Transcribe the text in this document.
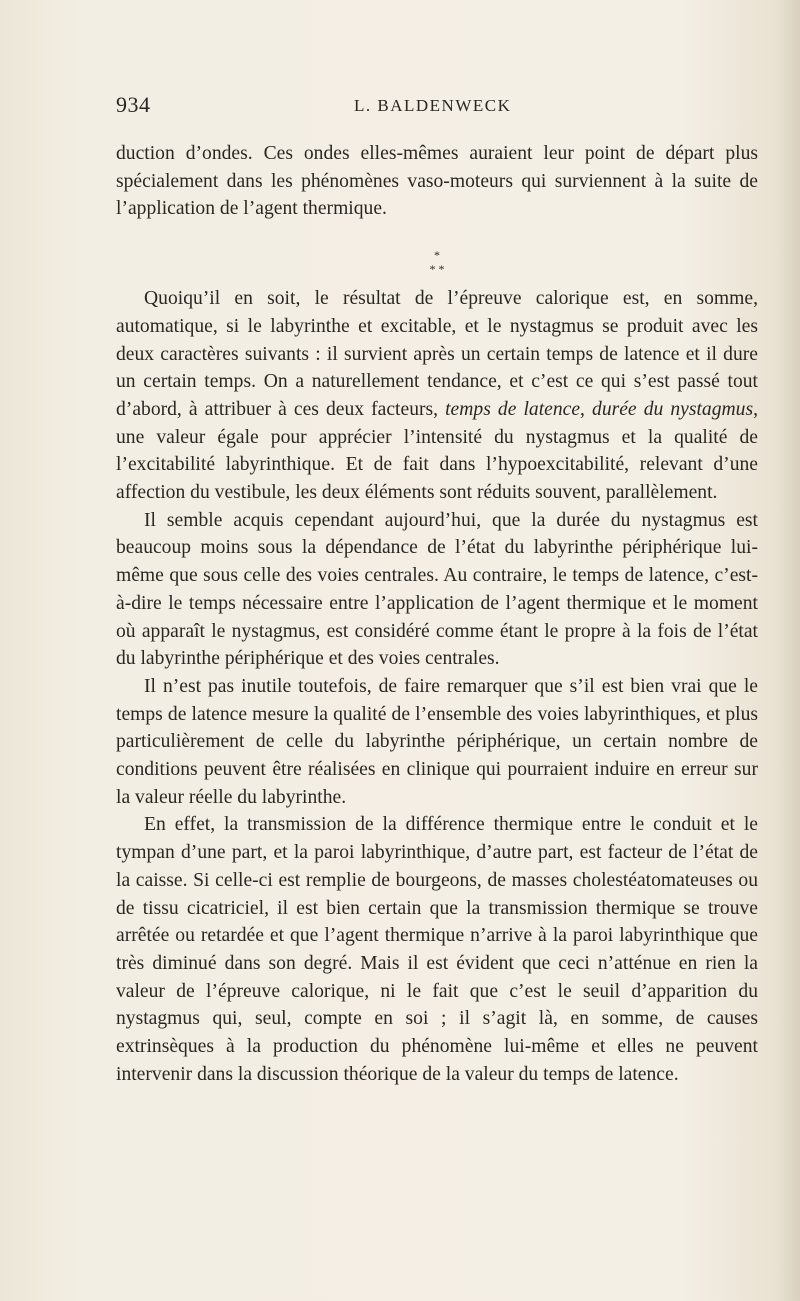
934	L. BALDENWECK

duction d’ondes. Ces ondes elles-mêmes auraient leur point de départ plus spécialement dans les phénomènes vaso-moteurs qui surviennent à la suite de l’application de l’agent thermique.

*
* *

Quoiqu’il en soit, le résultat de l’épreuve calorique est, en somme, automatique, si le labyrinthe et excitable, et le nystagmus se produit avec les deux caractères suivants : il survient après un certain temps de latence et il dure un certain temps. On a naturellement tendance, et c’est ce qui s’est passé tout d’abord, à attribuer à ces deux facteurs, temps de latence, durée du nystagmus, une valeur égale pour apprécier l’intensité du nystagmus et la qualité de l’excitabilité labyrinthique. Et de fait dans l’hypoexcitabilité, relevant d’une affection du vestibule, les deux éléments sont réduits souvent, parallèlement.

Il semble acquis cependant aujourd’hui, que la durée du nystagmus est beaucoup moins sous la dépendance de l’état du labyrinthe périphérique lui-même que sous celle des voies centrales. Au contraire, le temps de latence, c’est-à-dire le temps nécessaire entre l’application de l’agent thermique et le moment où apparaît le nystagmus, est considéré comme étant le propre à la fois de l’état du labyrinthe périphérique et des voies centrales.

Il n’est pas inutile toutefois, de faire remarquer que s’il est bien vrai que le temps de latence mesure la qualité de l’ensemble des voies labyrinthiques, et plus particulièrement de celle du labyrinthe périphérique, un certain nombre de conditions peuvent être réalisées en clinique qui pourraient induire en erreur sur la valeur réelle du labyrinthe.

En effet, la transmission de la différence thermique entre le conduit et le tympan d’une part, et la paroi labyrinthique, d’autre part, est facteur de l’état de la caisse. Si celle-ci est remplie de bourgeons, de masses cholestéatomateuses ou de tissu cicatriciel, il est bien certain que la transmission thermique se trouve arrêtée ou retardée et que l’agent thermique n’arrive à la paroi labyrinthique que très diminué dans son degré. Mais il est évident que ceci n’atténue en rien la valeur de l’épreuve calorique, ni le fait que c’est le seuil d’apparition du nystagmus qui, seul, compte en soi ; il s’agit là, en somme, de causes extrinsèques à la production du phénomène lui-même et elles ne peuvent intervenir dans la discussion théorique de la valeur du temps de latence.
